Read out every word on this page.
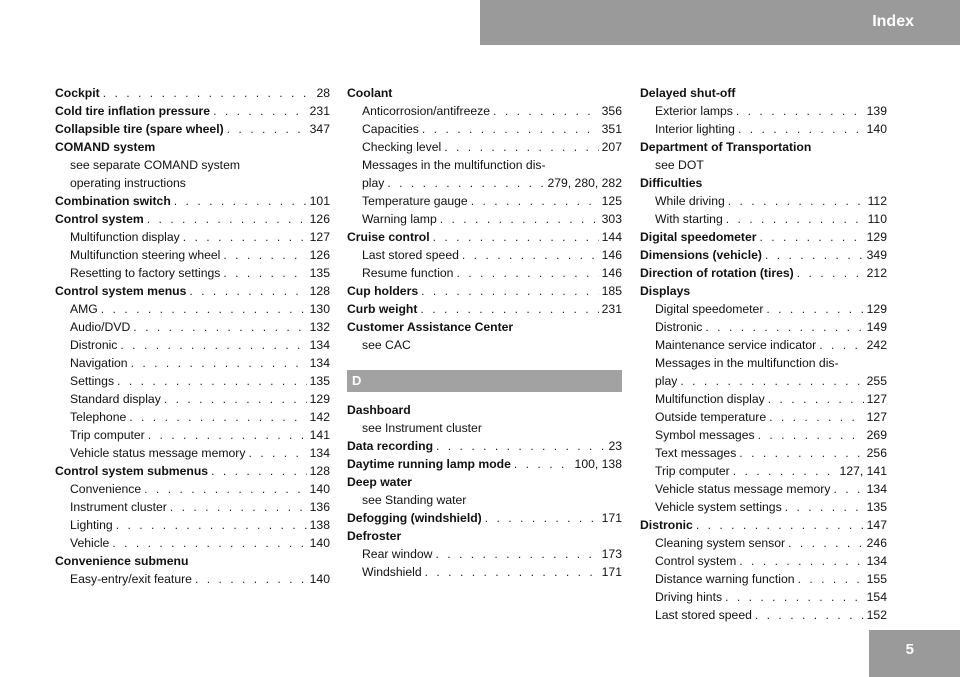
Index
Cockpit . . .	28
Cold tire inflation pressure . . .	231
Collapsible tire (spare wheel) . . .	347
COMAND system
see separate COMAND system
operating instructions
Combination switch . . .	101
Control system . . .	126
Multifunction display . . .	127
Multifunction steering wheel . . .	126
Resetting to factory settings . . .	135
Control system menus . . .	128
AMG . . .	130
Audio/DVD . . .	132
Distronic . . .	134
Navigation . . .	134
Settings . . .	135
Standard display . . .	129
Telephone . . .	142
Trip computer . . .	141
Vehicle status message memory . . .	134
Control system submenus . . .	128
Convenience . . .	140
Instrument cluster . . .	136
Lighting . . .	138
Vehicle . . .	140
Convenience submenu
Easy-entry/exit feature . . .	140
Coolant
Anticorrosion/antifreeze . . .	356
Capacities . . .	351
Checking level . . .	207
Messages in the multifunction dis-
play . . .	279, 280, 282
Temperature gauge . . .	125
Warning lamp . . .	303
Cruise control . . .	144
Last stored speed . . .	146
Resume function . . .	146
Cup holders . . .	185
Curb weight . . .	231
Customer Assistance Center
see CAC
D
Dashboard
see Instrument cluster
Data recording . . .	23
Daytime running lamp mode . . .	100, 138
Deep water
see Standing water
Defogging (windshield) . . .	171
Defroster
Rear window . . .	173
Windshield . . .	171
Delayed shut-off
Exterior lamps . . .	139
Interior lighting . . .	140
Department of Transportation
see DOT
Difficulties
While driving . . .	112
With starting . . .	110
Digital speedometer . . .	129
Dimensions (vehicle) . . .	349
Direction of rotation (tires) . . .	212
Displays
Digital speedometer . . .	129
Distronic . . .	149
Maintenance service indicator . . .	242
Messages in the multifunction dis-
play . . .	255
Multifunction display . . .	127
Outside temperature . . .	127
Symbol messages . . .	269
Text messages . . .	256
Trip computer . . .	127, 141
Vehicle status message memory . . .	134
Vehicle system settings . . .	135
Distronic . . .	147
Cleaning system sensor . . .	246
Control system . . .	134
Distance warning function . . .	155
Driving hints . . .	154
Last stored speed . . .	152
5
